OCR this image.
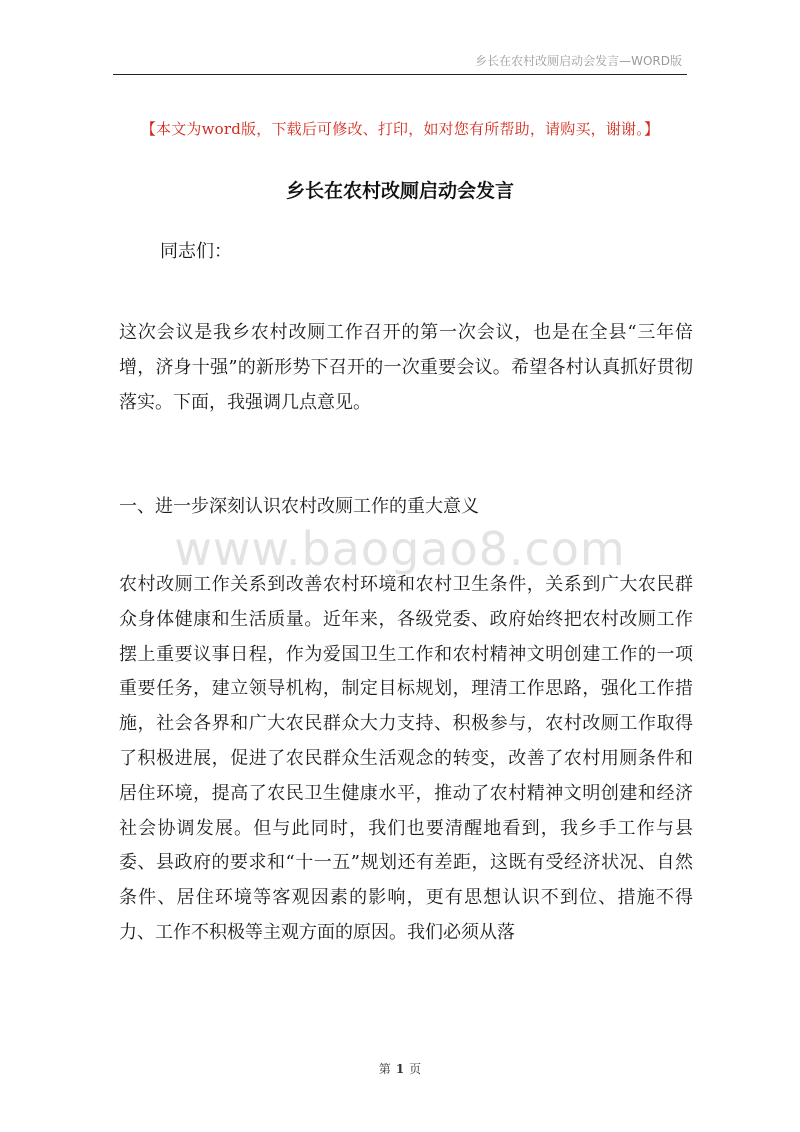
乡长在农村改厕启动会发言—WORD版
【本文为word版，下载后可修改、打印，如对您有所帮助，请购买，谢谢。】
乡长在农村改厕启动会发言
同志们：
这次会议是我乡农村改厕工作召开的第一次会议，也是在全县“三年倍增，济身十强”的新形势下召开的一次重要会议。希望各村认真抓好贯彻落实。下面，我强调几点意见。
一、进一步深刻认识农村改厕工作的重大意义
www.baogao8.com
农村改厕工作关系到改善农村环境和农村卫生条件，关系到广大农民群众身体健康和生活质量。近年来，各级党委、政府始终把农村改厕工作摆上重要议事日程，作为爱国卫生工作和农村精神文明创建工作的一项重要任务，建立领导机构，制定目标规划，理清工作思路，强化工作措施，社会各界和广大农民群众大力支持、积极参与，农村改厕工作取得了积极进展，促进了农民群众生活观念的转变，改善了农村用厕条件和居住环境，提高了农民卫生健康水平，推动了农村精神文明创建和经济社会协调发展。但与此同时，我们也要清醒地看到，我乡手工作与县委、县政府的要求和“十一五”规划还有差距，这既有受经济状况、自然条件、居住环境等客观因素的影响，更有思想认识不到位、措施不得力、工作不积极等主观方面的原因。我们必须从落
第 1 页
